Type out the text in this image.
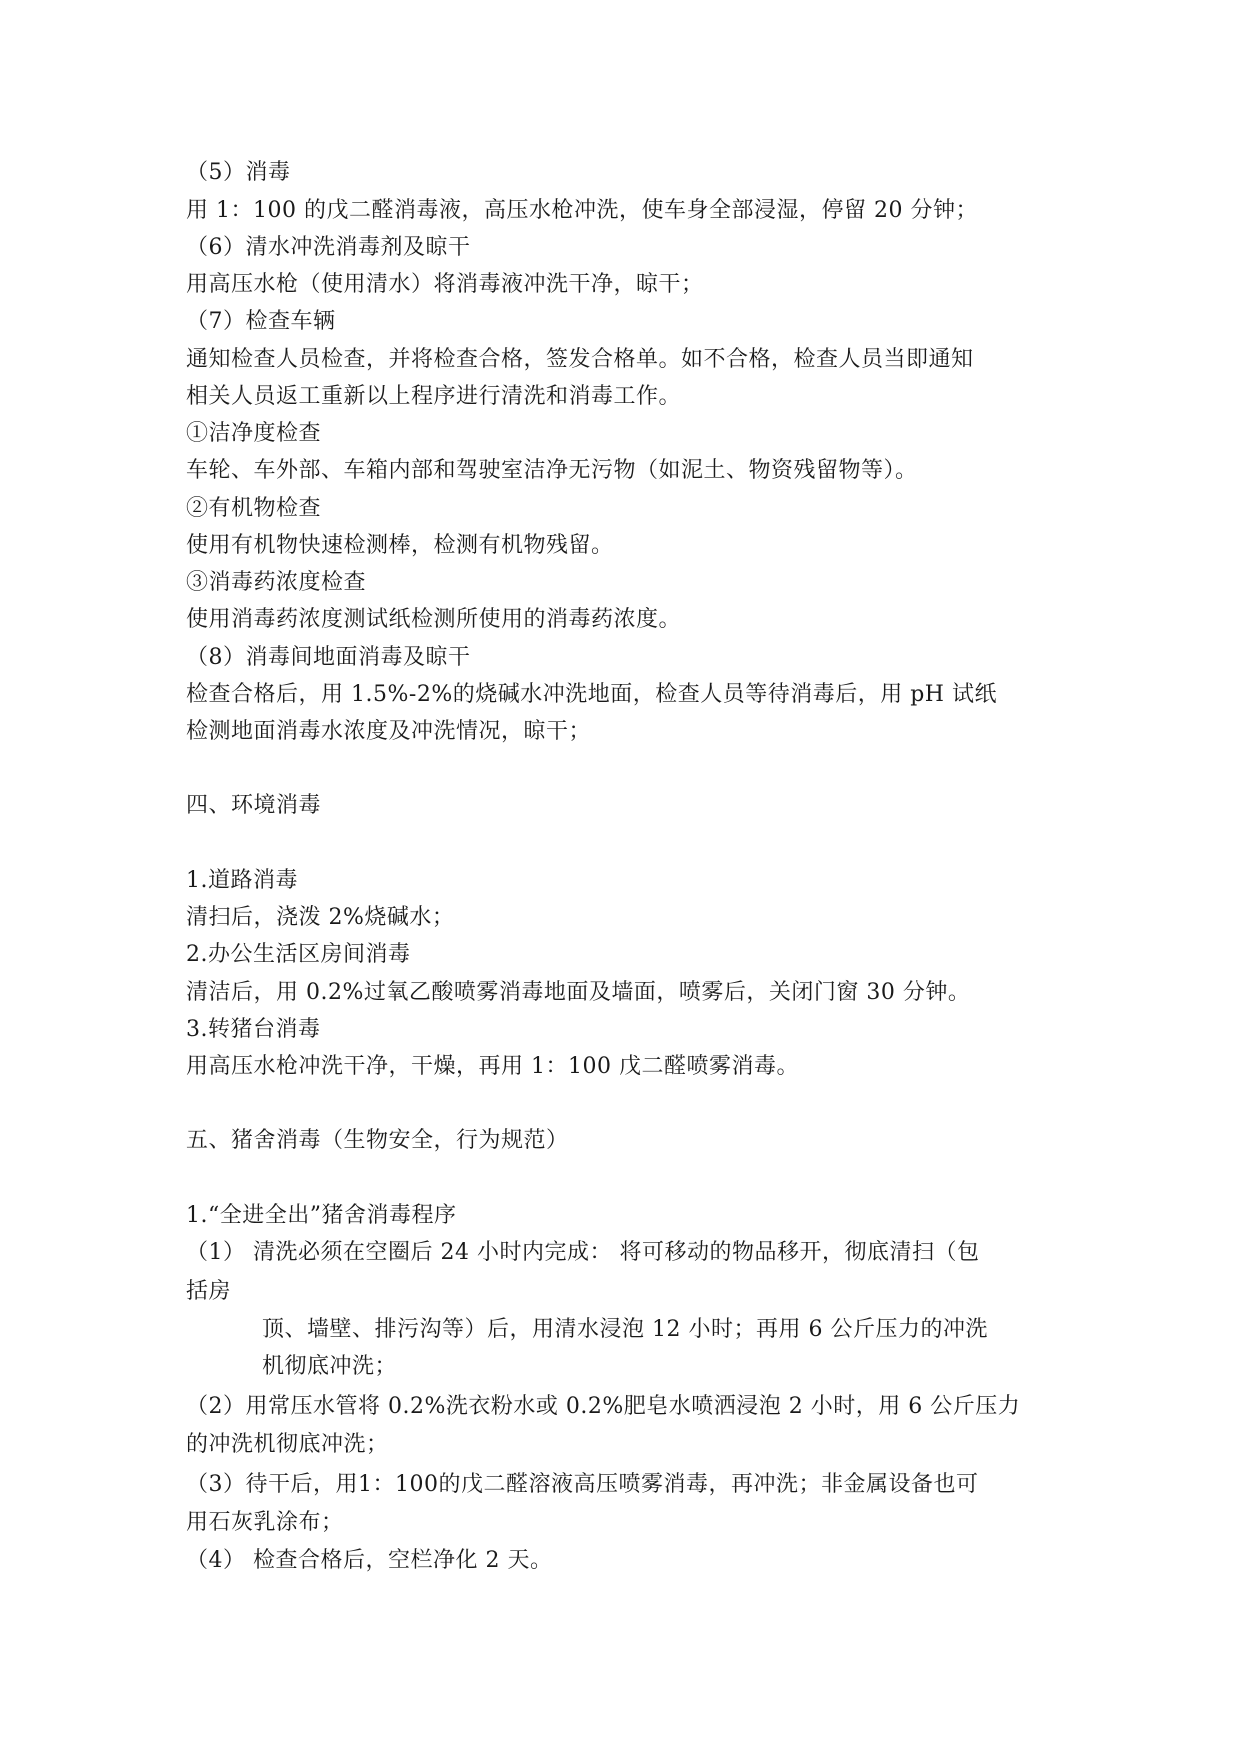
（5）消毒
用 1：100 的戊二醛消毒液，高压水枪冲洗，使车身全部浸湿，停留 20 分钟；
（6）清水冲洗消毒剂及晾干
用高压水枪（使用清水）将消毒液冲洗干净，晾干；
（7）检查车辆
通知检查人员检查，并将检查合格，签发合格单。如不合格，检查人员当即通知
相关人员返工重新以上程序进行清洗和消毒工作。
①洁净度检查
车轮、车外部、车箱内部和驾驶室洁净无污物（如泥土、物资残留物等）。
②有机物检查
使用有机物快速检测棒，检测有机物残留。
③消毒药浓度检查
使用消毒药浓度测试纸检测所使用的消毒药浓度。
（8）消毒间地面消毒及晾干
检查合格后，用 1.5%-2%的烧碱水冲洗地面，检查人员等待消毒后，用 pH 试纸
检测地面消毒水浓度及冲洗情况，晾干；
四、环境消毒
1.道路消毒
清扫后，浇泼 2%烧碱水；
2.办公生活区房间消毒
清洁后，用 0.2%过氧乙酸喷雾消毒地面及墙面，喷雾后，关闭门窗 30 分钟。
3.转猪台消毒
用高压水枪冲洗干净，干燥，再用 1：100 戊二醛喷雾消毒。
五、猪舍消毒（生物安全，行为规范）
1.“全进全出”猪舍消毒程序
（1） 清洗必须在空圈后 24 小时内完成： 将可移动的物品移开，彻底清扫（包
括房
顶、墙壁、排污沟等）后，用清水浸泡 12 小时；再用 6 公斤压力的冲洗
机彻底冲洗；
（2）用常压水管将 0.2%洗衣粉水或 0.2%肥皂水喷洒浸泡 2 小时，用 6 公斤压力
的冲洗机彻底冲洗；
（3）待干后，用1：100的戊二醛溶液高压喷雾消毒，再冲洗；非金属设备也可
用石灰乳涂布；
（4） 检查合格后，空栏净化 2 天。
